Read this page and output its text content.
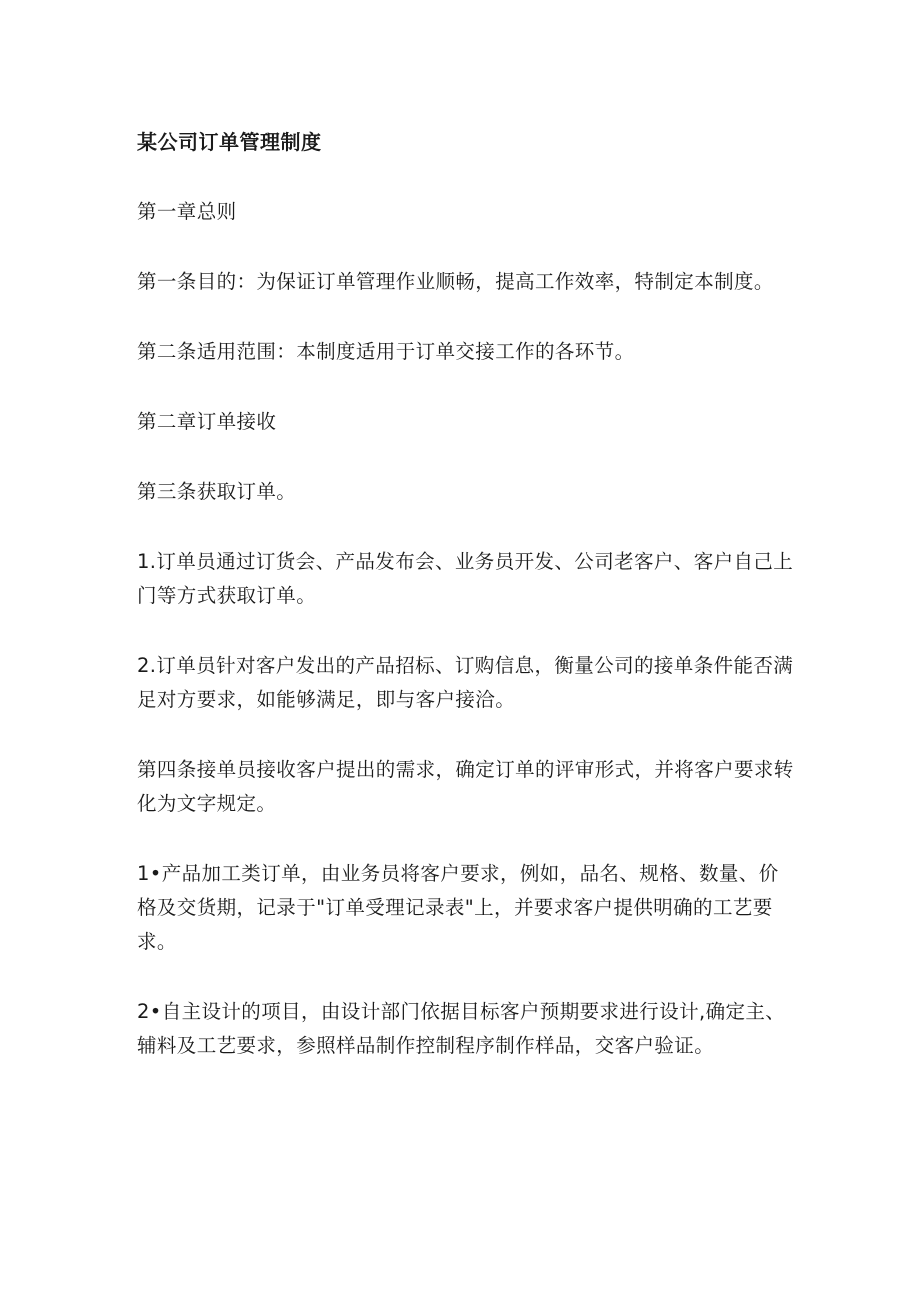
某公司订单管理制度
第一章总则
第一条目的：为保证订单管理作业顺畅，提高工作效率，特制定本制度。
第二条适用范围：本制度适用于订单交接工作的各环节。
第二章订单接收
第三条获取订单。
1.订单员通过订货会、产品发布会、业务员开发、公司老客户、客户自己上门等方式获取订单。
2.订单员针对客户发出的产品招标、订购信息，衡量公司的接单条件能否满足对方要求，如能够满足，即与客户接洽。
第四条接单员接收客户提出的需求，确定订单的评审形式，并将客户要求转化为文字规定。
1•产品加工类订单，由业务员将客户要求，例如，品名、规格、数量、价格及交货期，记录于"订单受理记录表"上，并要求客户提供明确的工艺要求。
2•自主设计的项目，由设计部门依据目标客户预期要求进行设计,确定主、辅料及工艺要求，参照样品制作控制程序制作样品，交客户验证。
